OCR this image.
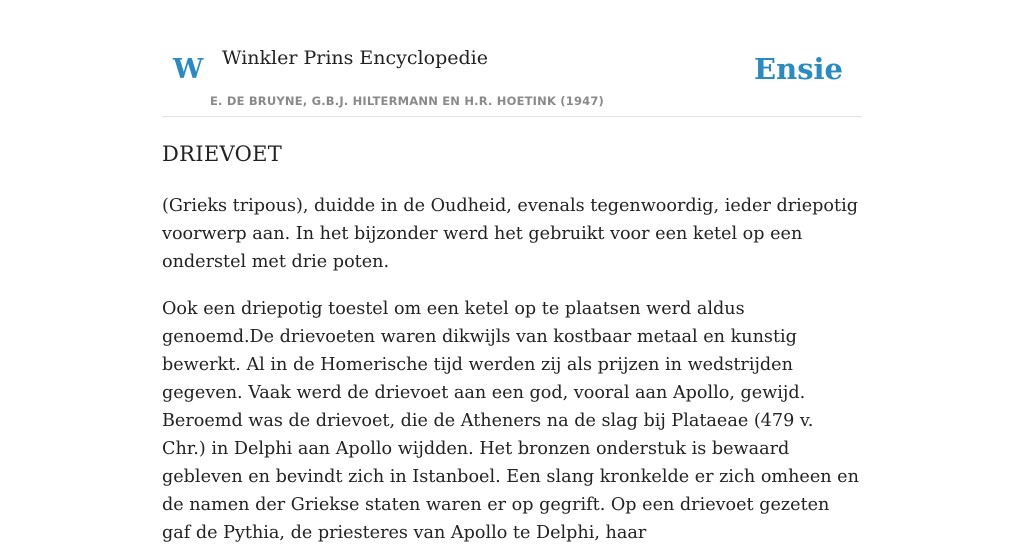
W Winkler Prins Encyclopedie
E. DE BRUYNE, G.B.J. HILTERMANN EN H.R. HOETINK (1947)
Ensie
DRIEVOET

(Grieks tripous), duidde in de Oudheid, evenals tegenwoordig, ieder driepotig voorwerp aan. In het bijzonder werd het gebruikt voor een ketel op een onderstel met drie poten.

Ook een driepotig toestel om een ketel op te plaatsen werd aldus genoemd.De drievoeten waren dikwijls van kostbaar metaal en kunstig bewerkt. Al in de Homerische tijd werden zij als prijzen in wedstrijden gegeven. Vaak werd de drievoet aan een god, vooral aan Apollo, gewijd. Beroemd was de drievoet, die de Atheners na de slag bij Plataeae (479 v. Chr.) in Delphi aan Apollo wijdden. Het bronzen onderstuk is bewaard gebleven en bevindt zich in Istanboel. Een slang kronkelde er zich omheen en de namen der Griekse staten waren er op gegrift. Op een drievoet gezeten gaf de Pythia, de priesteres van Apollo te Delphi, haar
